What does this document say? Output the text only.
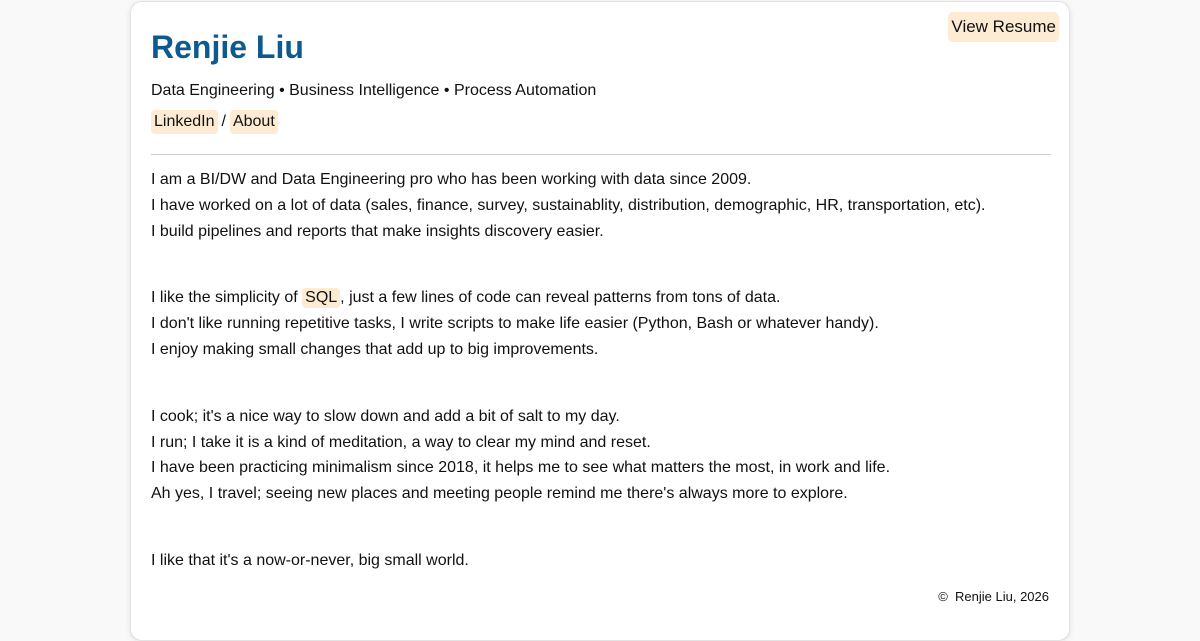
View Resume
Renjie Liu
Data Engineering • Business Intelligence • Process Automation
LinkedIn / About
I am a BI/DW and Data Engineering pro who has been working with data since 2009.
I have worked on a lot of data (sales, finance, survey, sustainablity, distribution, demographic, HR, transportation, etc).
I build pipelines and reports that make insights discovery easier.
I like the simplicity of SQL , just a few lines of code can reveal patterns from tons of data.
I don't like running repetitive tasks, I write scripts to make life easier (Python, Bash or whatever handy).
I enjoy making small changes that add up to big improvements.
I cook; it's a nice way to slow down and add a bit of salt to my day.
I run; I take it is a kind of meditation, a way to clear my mind and reset.
I have been practicing minimalism since 2018, it helps me to see what matters the most, in work and life.
Ah yes, I travel; seeing new places and meeting people remind me there's always more to explore.
I like that it's a now-or-never, big small world.
© Renjie Liu, 2026
